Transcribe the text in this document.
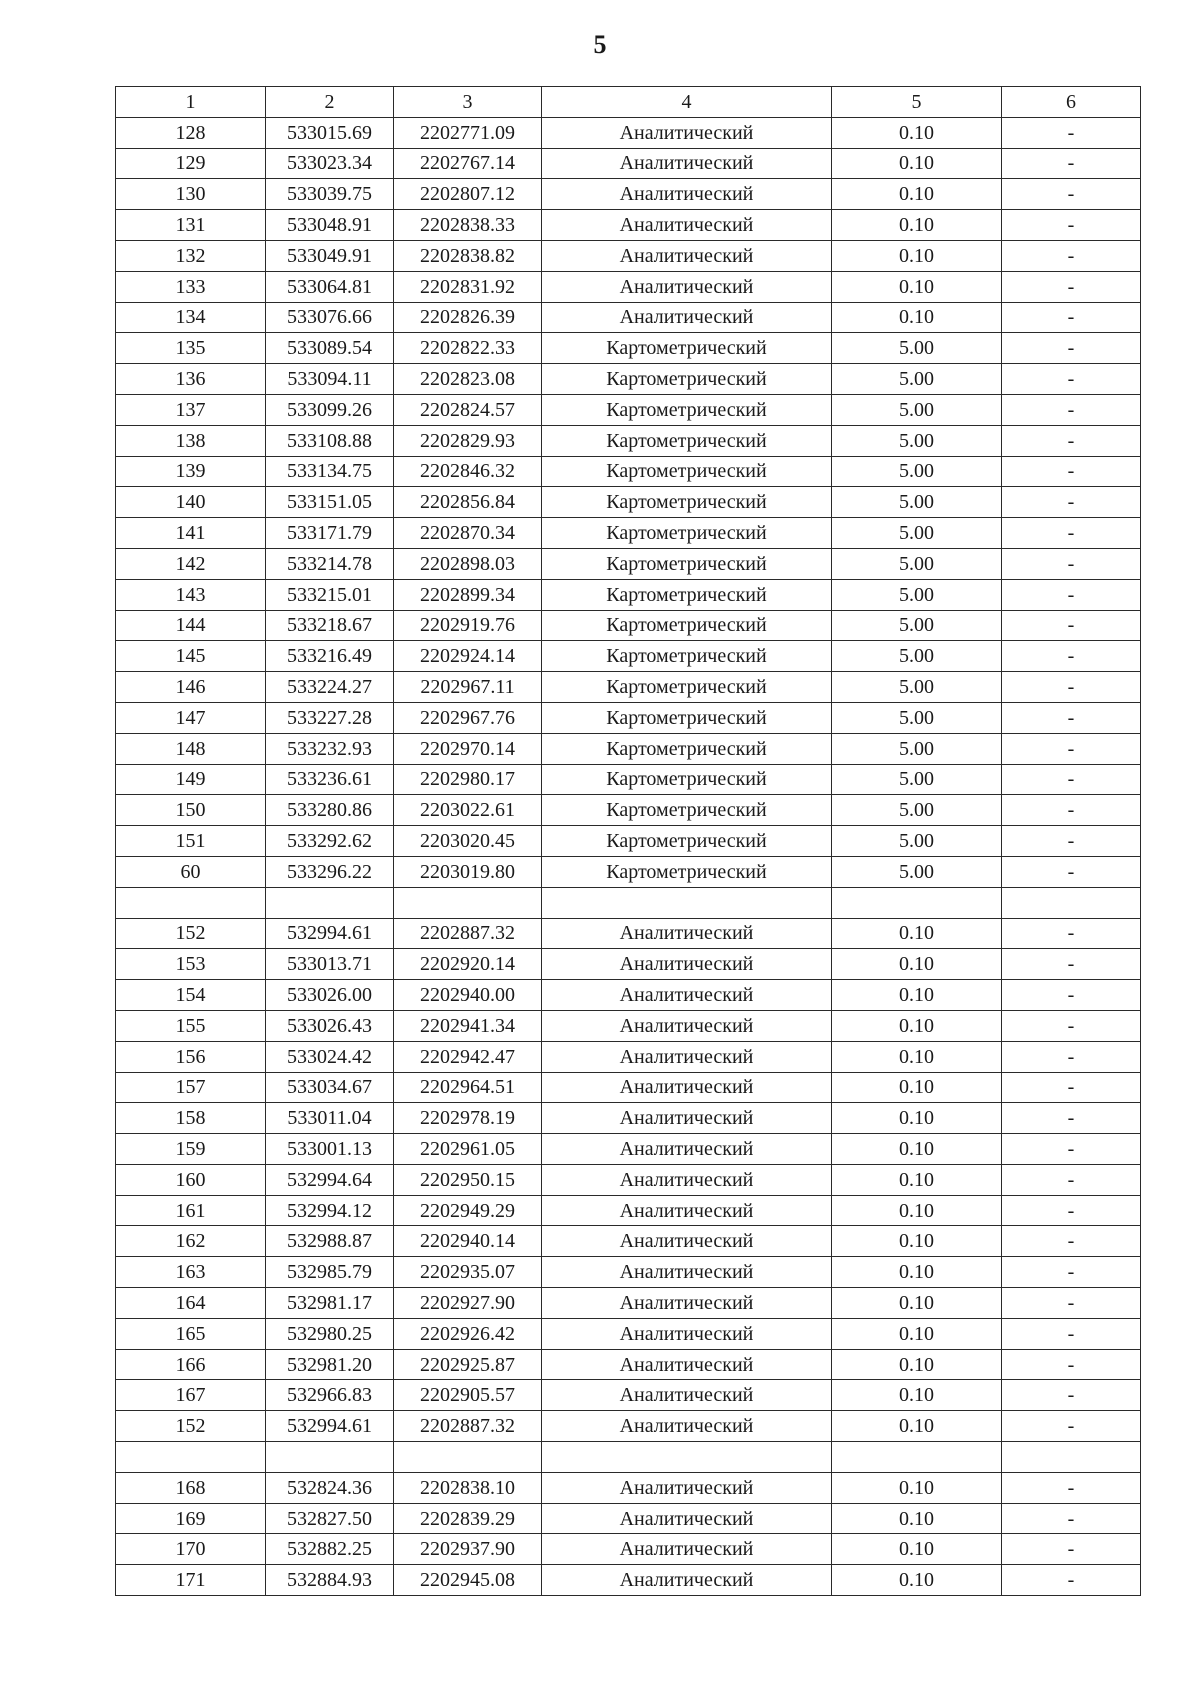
5
1	2	3	4	5	6
128	533015.69	2202771.09	Аналитический	0.10	-
129	533023.34	2202767.14	Аналитический	0.10	-
130	533039.75	2202807.12	Аналитический	0.10	-
131	533048.91	2202838.33	Аналитический	0.10	-
132	533049.91	2202838.82	Аналитический	0.10	-
133	533064.81	2202831.92	Аналитический	0.10	-
134	533076.66	2202826.39	Аналитический	0.10	-
135	533089.54	2202822.33	Картометрический	5.00	-
136	533094.11	2202823.08	Картометрический	5.00	-
137	533099.26	2202824.57	Картометрический	5.00	-
138	533108.88	2202829.93	Картометрический	5.00	-
139	533134.75	2202846.32	Картометрический	5.00	-
140	533151.05	2202856.84	Картометрический	5.00	-
141	533171.79	2202870.34	Картометрический	5.00	-
142	533214.78	2202898.03	Картометрический	5.00	-
143	533215.01	2202899.34	Картометрический	5.00	-
144	533218.67	2202919.76	Картометрический	5.00	-
145	533216.49	2202924.14	Картометрический	5.00	-
146	533224.27	2202967.11	Картометрический	5.00	-
147	533227.28	2202967.76	Картометрический	5.00	-
148	533232.93	2202970.14	Картометрический	5.00	-
149	533236.61	2202980.17	Картометрический	5.00	-
150	533280.86	2203022.61	Картометрический	5.00	-
151	533292.62	2203020.45	Картометрический	5.00	-
60	533296.22	2203019.80	Картометрический	5.00	-

152	532994.61	2202887.32	Аналитический	0.10	-
153	533013.71	2202920.14	Аналитический	0.10	-
154	533026.00	2202940.00	Аналитический	0.10	-
155	533026.43	2202941.34	Аналитический	0.10	-
156	533024.42	2202942.47	Аналитический	0.10	-
157	533034.67	2202964.51	Аналитический	0.10	-
158	533011.04	2202978.19	Аналитический	0.10	-
159	533001.13	2202961.05	Аналитический	0.10	-
160	532994.64	2202950.15	Аналитический	0.10	-
161	532994.12	2202949.29	Аналитический	0.10	-
162	532988.87	2202940.14	Аналитический	0.10	-
163	532985.79	2202935.07	Аналитический	0.10	-
164	532981.17	2202927.90	Аналитический	0.10	-
165	532980.25	2202926.42	Аналитический	0.10	-
166	532981.20	2202925.87	Аналитический	0.10	-
167	532966.83	2202905.57	Аналитический	0.10	-
152	532994.61	2202887.32	Аналитический	0.10	-

168	532824.36	2202838.10	Аналитический	0.10	-
169	532827.50	2202839.29	Аналитический	0.10	-
170	532882.25	2202937.90	Аналитический	0.10	-
171	532884.93	2202945.08	Аналитический	0.10	-
